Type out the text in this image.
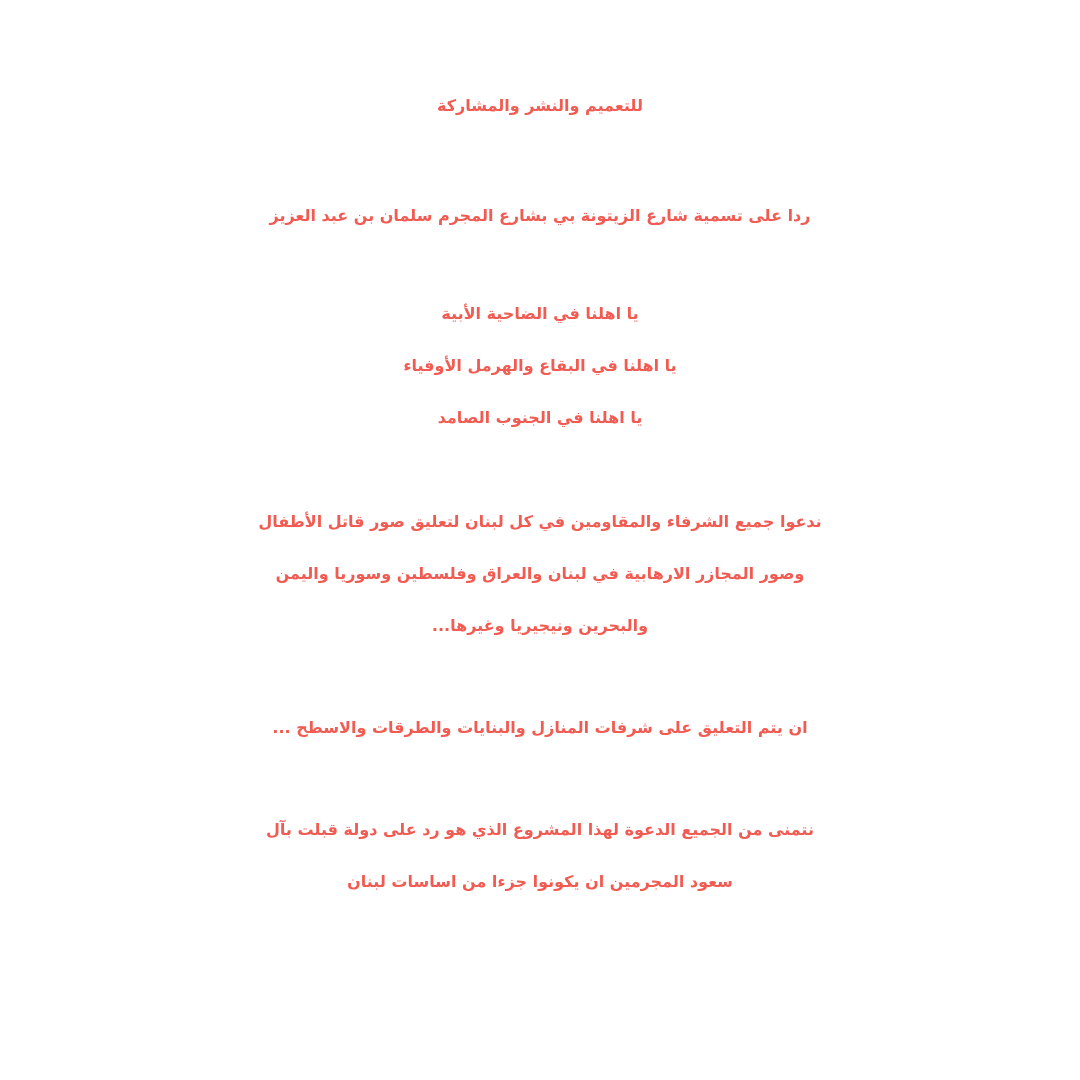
للتعميم والنشر والمشاركة
ردا على تسمية شارع الزيتونة بي بشارع المجرم سلمان بن عبد العزيز
يا اهلنا في الضاحية الأبية
يا اهلنا في البقاع والهرمل الأوفياء
يا اهلنا في الجنوب الصامد
ندعوا جميع الشرفاء والمقاومين في كل لبنان لتعليق صور قاتل الأطفال
وصور المجازر الارهابية في لبنان والعراق وفلسطين وسوريا واليمن
والبحرين ونيجيريا وغيرها...
ان يتم التعليق على شرفات المنازل والبنايات والطرقات والاسطح ...
نتمنى من الجميع الدعوة لهذا المشروع الذي هو رد على دولة قبلت بآل
سعود المجرمين ان يكونوا جزءا من اساسات لبنان
